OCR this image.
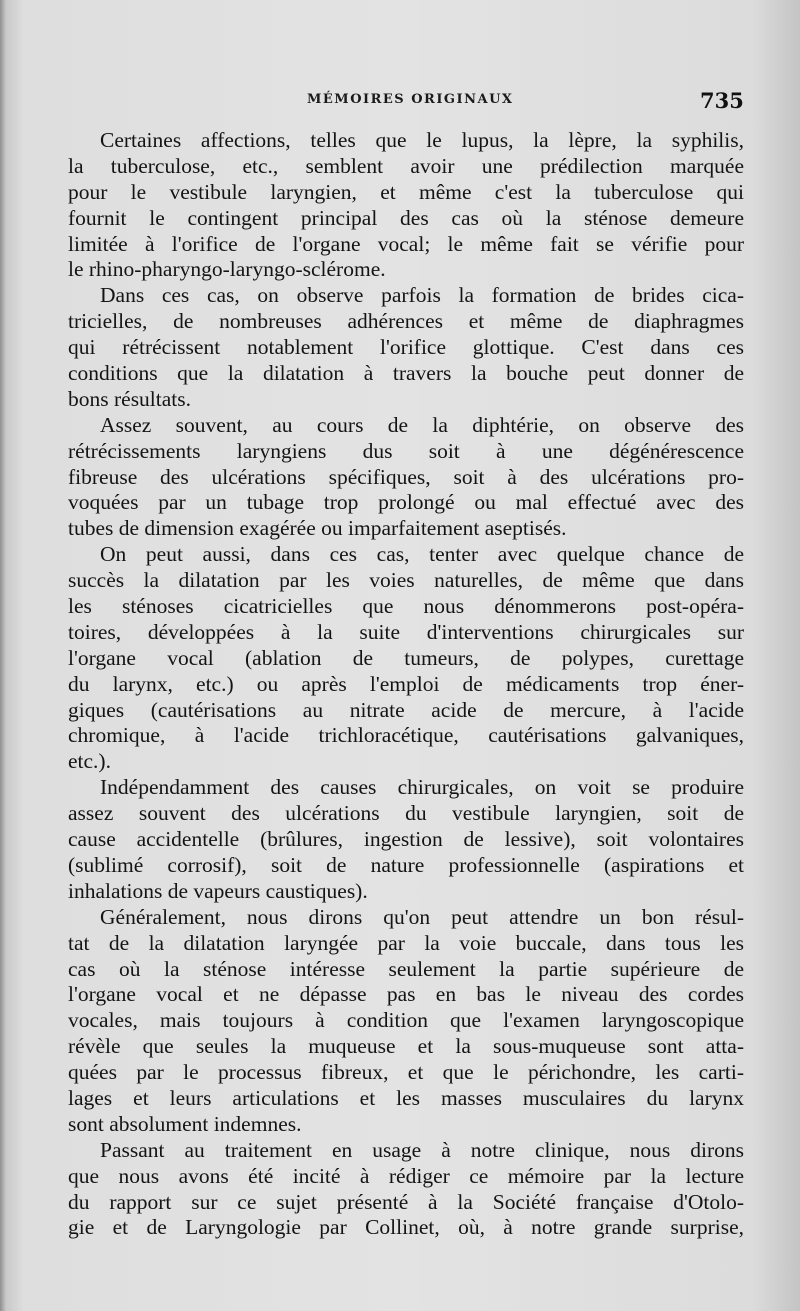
MÉMOIRES ORIGINAUX	735
Certaines affections, telles que le lupus, la lèpre, la syphilis,
la tuberculose, etc., semblent avoir une prédilection marquée
pour le vestibule laryngien, et même c'est la tuberculose qui
fournit le contingent principal des cas où la sténose demeure
limitée à l'orifice de l'organe vocal; le même fait se vérifie pour
le rhino-pharyngo-laryngo-sclérome.
Dans ces cas, on observe parfois la formation de brides cica-
tricielles, de nombreuses adhérences et même de diaphragmes
qui rétrécissent notablement l'orifice glottique. C'est dans ces
conditions que la dilatation à travers la bouche peut donner de
bons résultats.
Assez souvent, au cours de la diphtérie, on observe des
rétrécissements laryngiens dus soit à une dégénérescence
fibreuse des ulcérations spécifiques, soit à des ulcérations pro-
voquées par un tubage trop prolongé ou mal effectué avec des
tubes de dimension exagérée ou imparfaitement aseptisés.
On peut aussi, dans ces cas, tenter avec quelque chance de
succès la dilatation par les voies naturelles, de même que dans
les sténoses cicatricielles que nous dénommerons post-opéra-
toires, développées à la suite d'interventions chirurgicales sur
l'organe vocal (ablation de tumeurs, de polypes, curettage
du larynx, etc.) ou après l'emploi de médicaments trop éner-
giques (cautérisations au nitrate acide de mercure, à l'acide
chromique, à l'acide trichloracétique, cautérisations galvaniques,
etc.).
Indépendamment des causes chirurgicales, on voit se produire
assez souvent des ulcérations du vestibule laryngien, soit de
cause accidentelle (brûlures, ingestion de lessive), soit volontaires
(sublimé corrosif), soit de nature professionnelle (aspirations et
inhalations de vapeurs caustiques).
Généralement, nous dirons qu'on peut attendre un bon résul-
tat de la dilatation laryngée par la voie buccale, dans tous les
cas où la sténose intéresse seulement la partie supérieure de
l'organe vocal et ne dépasse pas en bas le niveau des cordes
vocales, mais toujours à condition que l'examen laryngoscopique
révèle que seules la muqueuse et la sous-muqueuse sont atta-
quées par le processus fibreux, et que le périchondre, les carti-
lages et leurs articulations et les masses musculaires du larynx
sont absolument indemnes.
Passant au traitement en usage à notre clinique, nous dirons
que nous avons été incité à rédiger ce mémoire par la lecture
du rapport sur ce sujet présenté à la Société française d'Otolo-
gie et de Laryngologie par Collinet, où, à notre grande surprise,
